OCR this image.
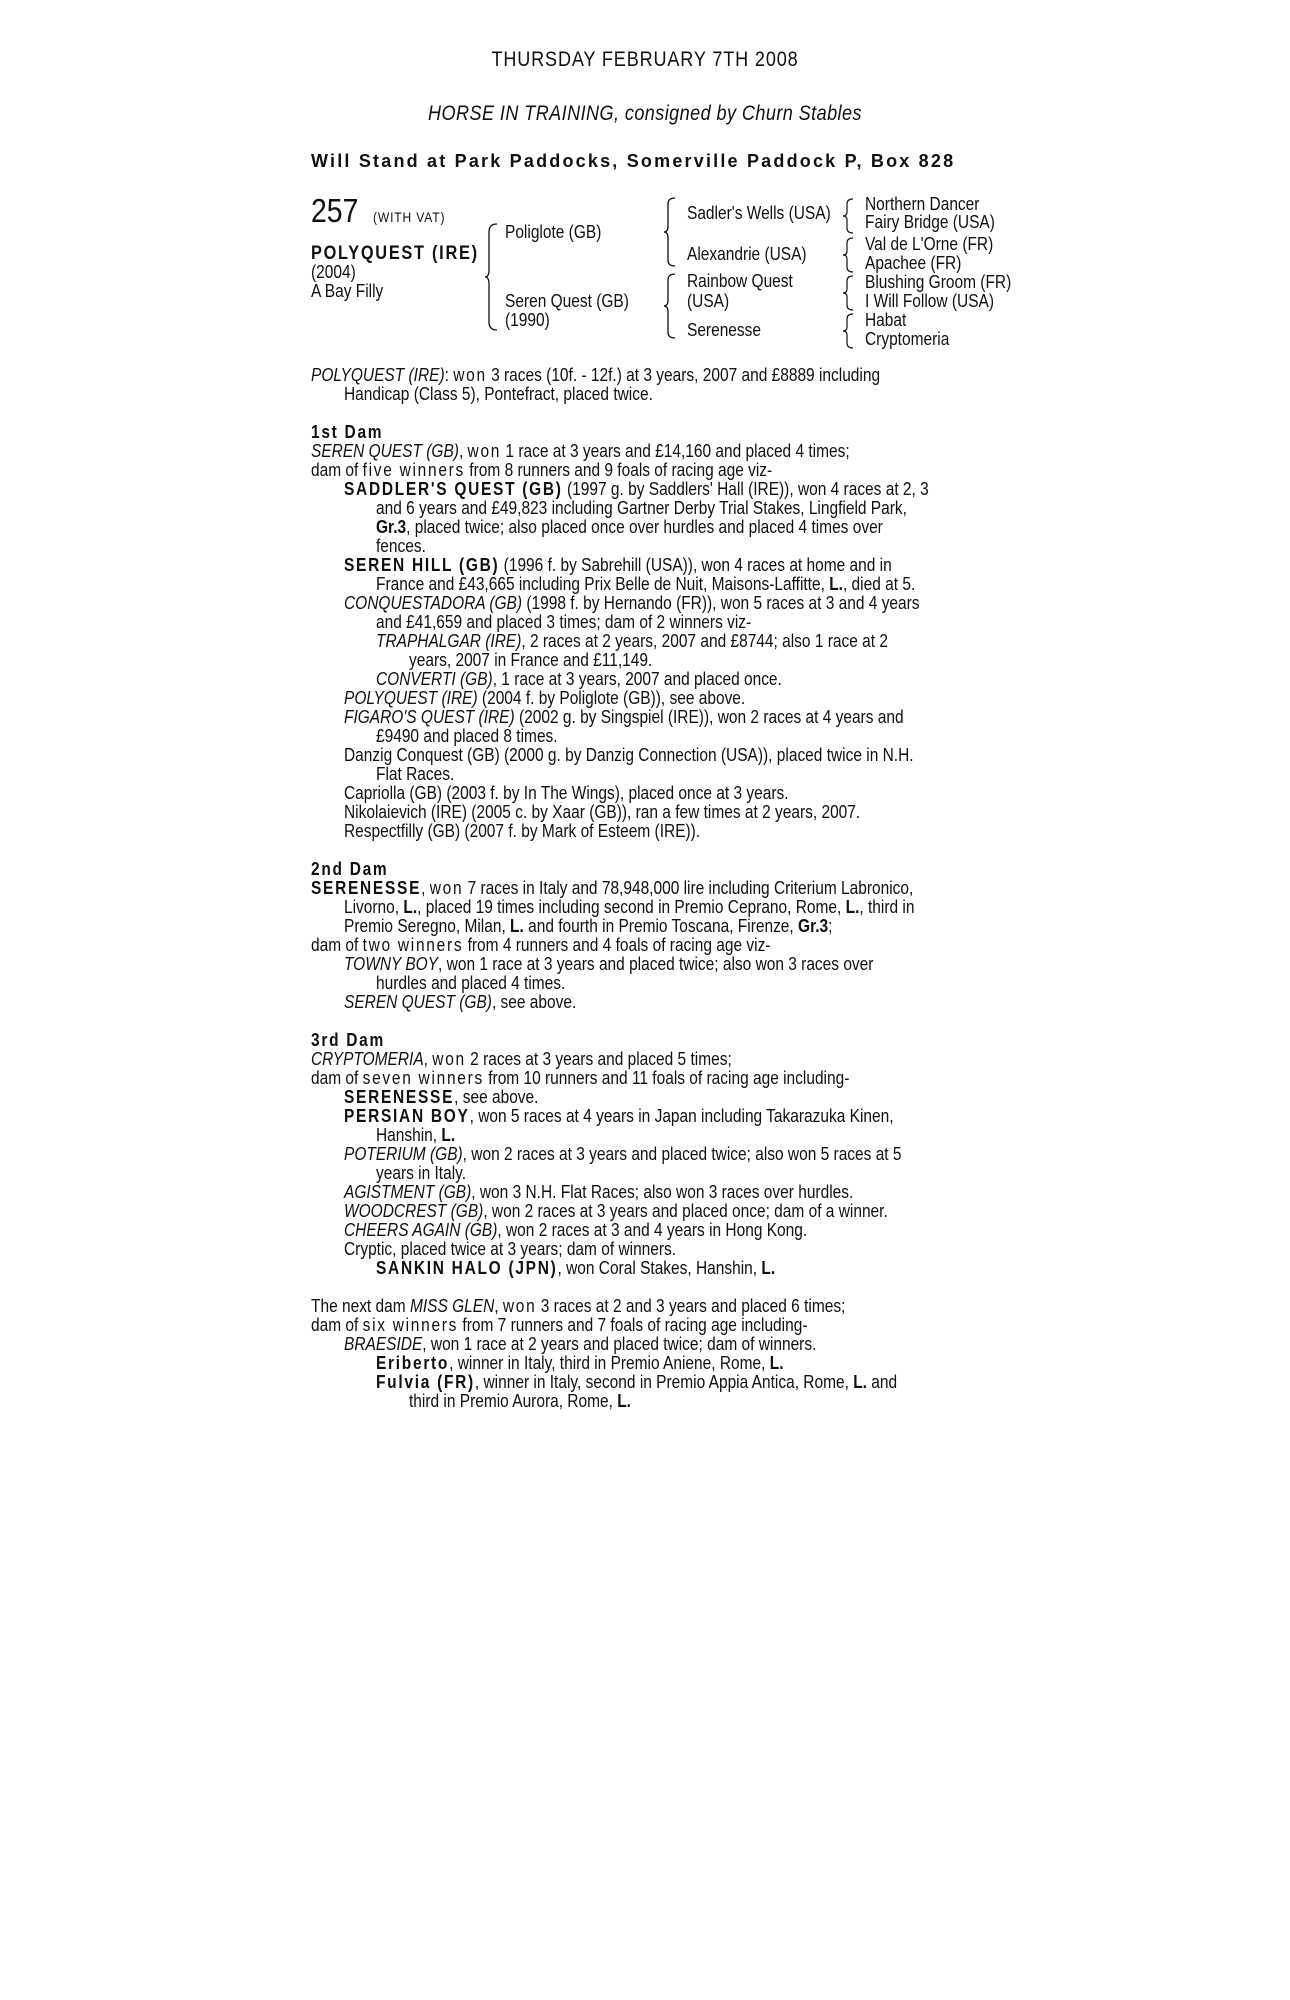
THURSDAY FEBRUARY 7TH 2008
HORSE IN TRAINING, consigned by Churn Stables
Will Stand at Park Paddocks, Somerville Paddock P, Box 828
257 (WITH VAT)
POLYQUEST (IRE)
(2004)
A Bay Filly
Poliglote (GB)
Seren Quest (GB)
(1990)
Sadler's Wells (USA)
Alexandrie (USA)
Rainbow Quest
(USA)
Serenesse
Northern Dancer
Fairy Bridge (USA)
Val de L'Orne (FR)
Apachee (FR)
Blushing Groom (FR)
I Will Follow (USA)
Habat
Cryptomeria
POLYQUEST (IRE): won 3 races (10f. - 12f.) at 3 years, 2007 and £8889 including
Handicap (Class 5), Pontefract, placed twice.
1st Dam
SEREN QUEST (GB), won 1 race at 3 years and £14,160 and placed 4 times;
dam of five winners from 8 runners and 9 foals of racing age viz-
SADDLER'S QUEST (GB) (1997 g. by Saddlers' Hall (IRE)), won 4 races at 2, 3
and 6 years and £49,823 including Gartner Derby Trial Stakes, Lingfield Park,
Gr.3, placed twice; also placed once over hurdles and placed 4 times over
fences.
SEREN HILL (GB) (1996 f. by Sabrehill (USA)), won 4 races at home and in
France and £43,665 including Prix Belle de Nuit, Maisons-Laffitte, L., died at 5.
CONQUESTADORA (GB) (1998 f. by Hernando (FR)), won 5 races at 3 and 4 years
and £41,659 and placed 3 times; dam of 2 winners viz-
TRAPHALGAR (IRE), 2 races at 2 years, 2007 and £8744; also 1 race at 2
years, 2007 in France and £11,149.
CONVERTI (GB), 1 race at 3 years, 2007 and placed once.
POLYQUEST (IRE) (2004 f. by Poliglote (GB)), see above.
FIGARO'S QUEST (IRE) (2002 g. by Singspiel (IRE)), won 2 races at 4 years and
£9490 and placed 8 times.
Danzig Conquest (GB) (2000 g. by Danzig Connection (USA)), placed twice in N.H.
Flat Races.
Capriolla (GB) (2003 f. by In The Wings), placed once at 3 years.
Nikolaievich (IRE) (2005 c. by Xaar (GB)), ran a few times at 2 years, 2007.
Respectfilly (GB) (2007 f. by Mark of Esteem (IRE)).
2nd Dam
SERENESSE, won 7 races in Italy and 78,948,000 lire including Criterium Labronico,
Livorno, L., placed 19 times including second in Premio Ceprano, Rome, L., third in
Premio Seregno, Milan, L. and fourth in Premio Toscana, Firenze, Gr.3;
dam of two winners from 4 runners and 4 foals of racing age viz-
TOWNY BOY, won 1 race at 3 years and placed twice; also won 3 races over
hurdles and placed 4 times.
SEREN QUEST (GB), see above.
3rd Dam
CRYPTOMERIA, won 2 races at 3 years and placed 5 times;
dam of seven winners from 10 runners and 11 foals of racing age including-
SERENESSE, see above.
PERSIAN BOY, won 5 races at 4 years in Japan including Takarazuka Kinen,
Hanshin, L.
POTERIUM (GB), won 2 races at 3 years and placed twice; also won 5 races at 5
years in Italy.
AGISTMENT (GB), won 3 N.H. Flat Races; also won 3 races over hurdles.
WOODCREST (GB), won 2 races at 3 years and placed once; dam of a winner.
CHEERS AGAIN (GB), won 2 races at 3 and 4 years in Hong Kong.
Cryptic, placed twice at 3 years; dam of winners.
SANKIN HALO (JPN), won Coral Stakes, Hanshin, L.
The next dam MISS GLEN, won 3 races at 2 and 3 years and placed 6 times;
dam of six winners from 7 runners and 7 foals of racing age including-
BRAESIDE, won 1 race at 2 years and placed twice; dam of winners.
Eriberto, winner in Italy, third in Premio Aniene, Rome, L.
Fulvia (FR), winner in Italy, second in Premio Appia Antica, Rome, L. and
third in Premio Aurora, Rome, L.
